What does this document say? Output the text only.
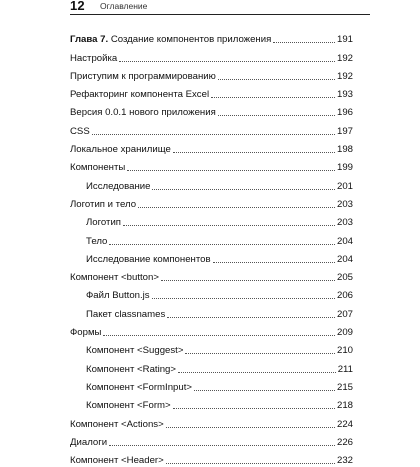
12 Оглавление
Глава 7. Создание компонентов приложения	191
Настройка	192
Приступим к программированию	192
Рефакторинг компонента Excel	193
Версия 0.0.1 нового приложения	196
CSS	197
Локальное хранилище	198
Компоненты	199
Исследование	201
Логотип и тело	203
Логотип	203
Тело	204
Исследование компонентов	204
Компонент <button>	205
Файл Button.js	206
Пакет classnames	207
Формы	209
Компонент <Suggest>	210
Компонент <Rating>	211
Компонент <FormInput>	215
Компонент <Form>	218
Компонент <Actions>	224
Диалоги	226
Компонент <Header>	232
